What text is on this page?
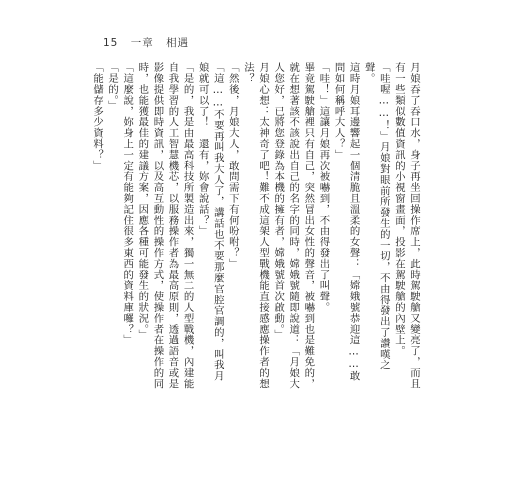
15 一章 相遇

月娘吞了吞口水，身子再坐回操作席上，此時駕駛艙又變亮了，而且有一些類似數值資訊的小視窗畫面，投影在駕駛艙的內壁上。

「哇喔……！」月娘對眼前所發生的一切，不由得發出了讚嘆之聲。

這時月娘耳邊響起一個清脆且溫柔的女聲：「嫦娥號恭迎這……敢問如何稱呼大人？」

「哇！」這讓月娘再次被嚇到，不由得發出了叫聲。

畢竟駕駛艙裡只有自己，突然冒出女性的聲音，被嚇到也是難免的，就在想著該不該說出自己的名字的同時，嫦娥號隨即說道：「月娘大人您好，已將您登錄為本機的擁有者，嫦娥號首次啟動。」

月娘心想：太神奇了吧！難不成這架人型戰機能直接感應操作者的想法？

「然後，月娘大人，敢問需下有何吩咐？」

「這……不要再叫我大人了，講話也不要那麼官腔官調的，叫我月娘就可以了！　還有，妳會說話？」

「是的，我是由最高科技所製造出來，獨一無二的人型戰機，內建能自我學習的人工智慧機芯，以服務操作者為最高原則，透過語音或是影像提供即時資訊，以及高互動性的操作方式，使操作者在操作的同時，也能獲最佳的建議方案，因應各種可能發生的狀況。」

「這麼說，妳身上一定有能夠記住很多東西的資料庫囉？」

「是的。」

「能儲存多少資料？」
